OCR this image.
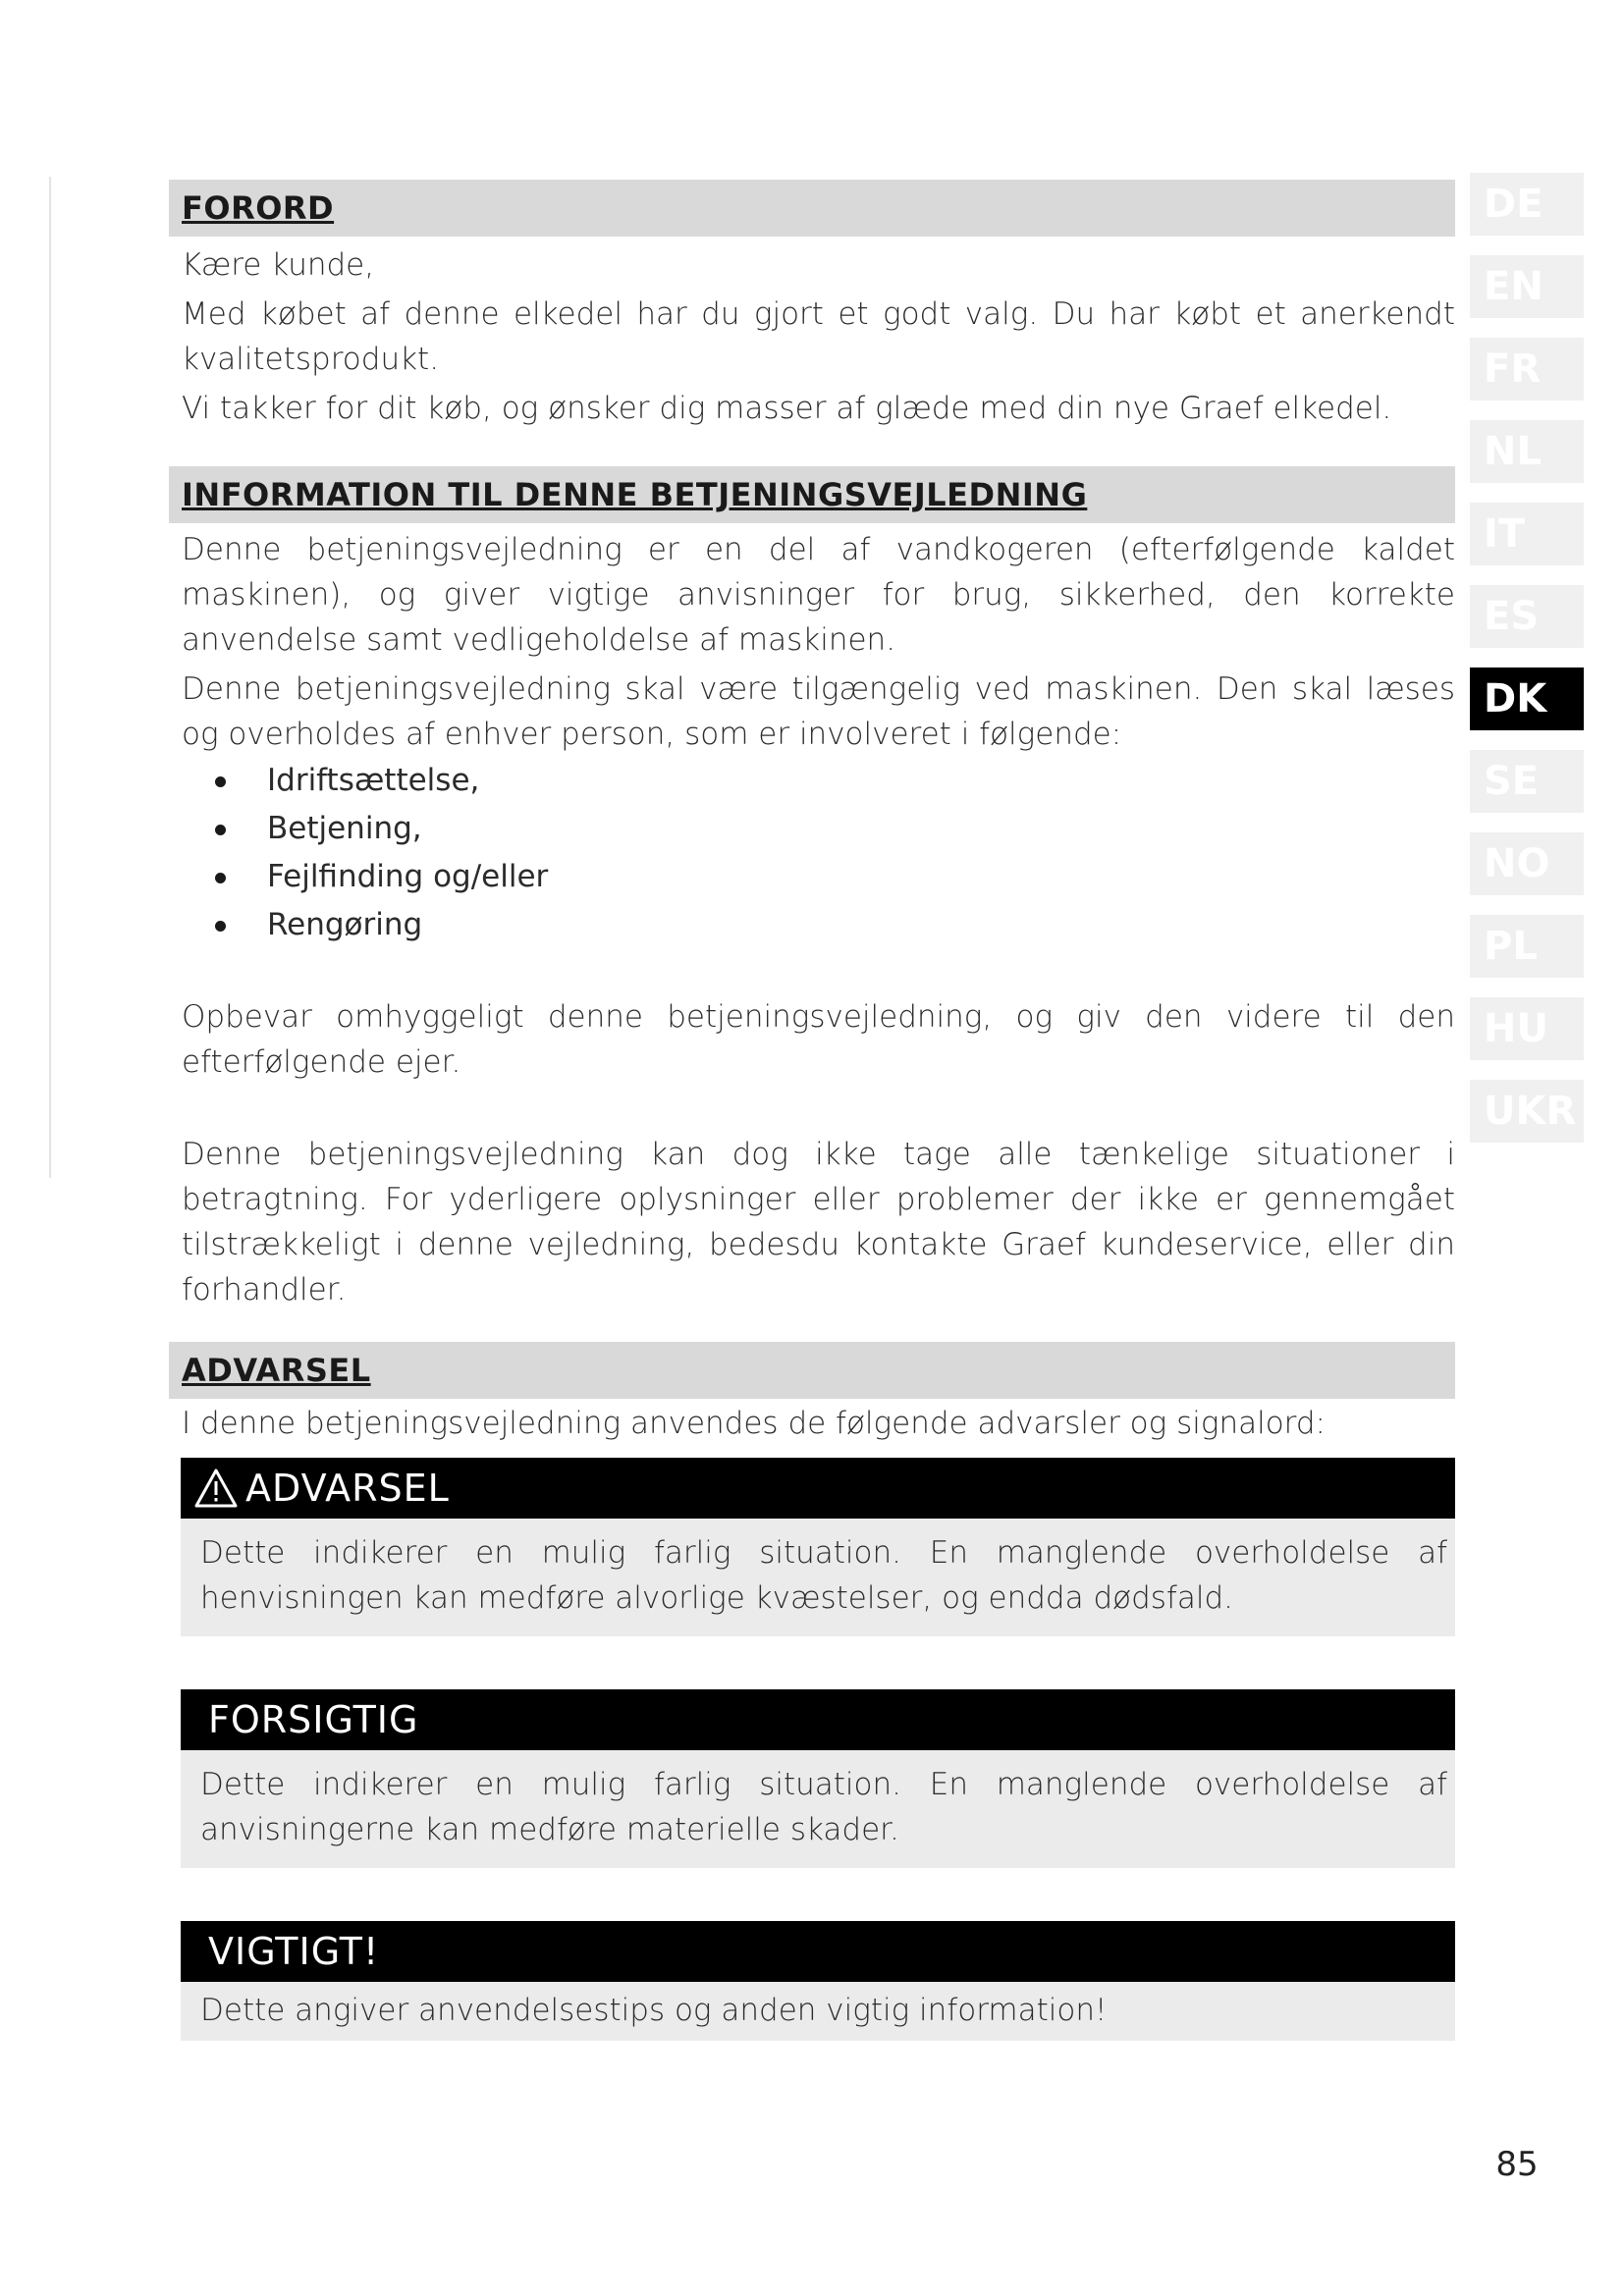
FORORD

Kære kunde,

Med købet af denne elkedel har du gjort et godt valg. Du har købt et anerkendt kvalitetsprodukt.

Vi takker for dit køb, og ønsker dig masser af glæde med din nye Graef elkedel.

INFORMATION TIL DENNE BETJENINGSVEJLEDNING

Denne betjeningsvejledning er en del af vandkogeren (efterfølgende kaldet maskinen), og giver vigtige anvisninger for brug, sikkerhed, den korrekte anvendelse samt vedligeholdelse af maskinen.

Denne betjeningsvejledning skal være tilgængelig ved maskinen. Den skal læses og overholdes af enhver person, som er involveret i følgende:

Idriftsættelse,
Betjening,
Fejlfinding og/eller
Rengøring

Opbevar omhyggeligt denne betjeningsvejledning, og giv den videre til den efterfølgende ejer.

Denne betjeningsvejledning kan dog ikke tage alle tænkelige situationer i betragtning. For yderligere oplysninger eller problemer der ikke er gennemgået tilstrækkeligt i denne vejledning, bedesdu kontakte Graef kundeservice, eller din forhandler.

ADVARSEL

I denne betjeningsvejledning anvendes de følgende advarsler og signalord:

ADVARSEL
Dette indikerer en mulig farlig situation. En manglende overholdelse af henvisningen kan medføre alvorlige kvæstelser, og endda dødsfald.
FORSIGTIG
Dette indikerer en mulig farlig situation. En manglende overholdelse af anvisningerne kan medføre materielle skader.
VIGTIGT!
Dette angiver anvendelsestips og anden vigtig information!
DE
EN
FR
NL
IT
ES
DK
SE
NO
PL
HU
UKR
85
